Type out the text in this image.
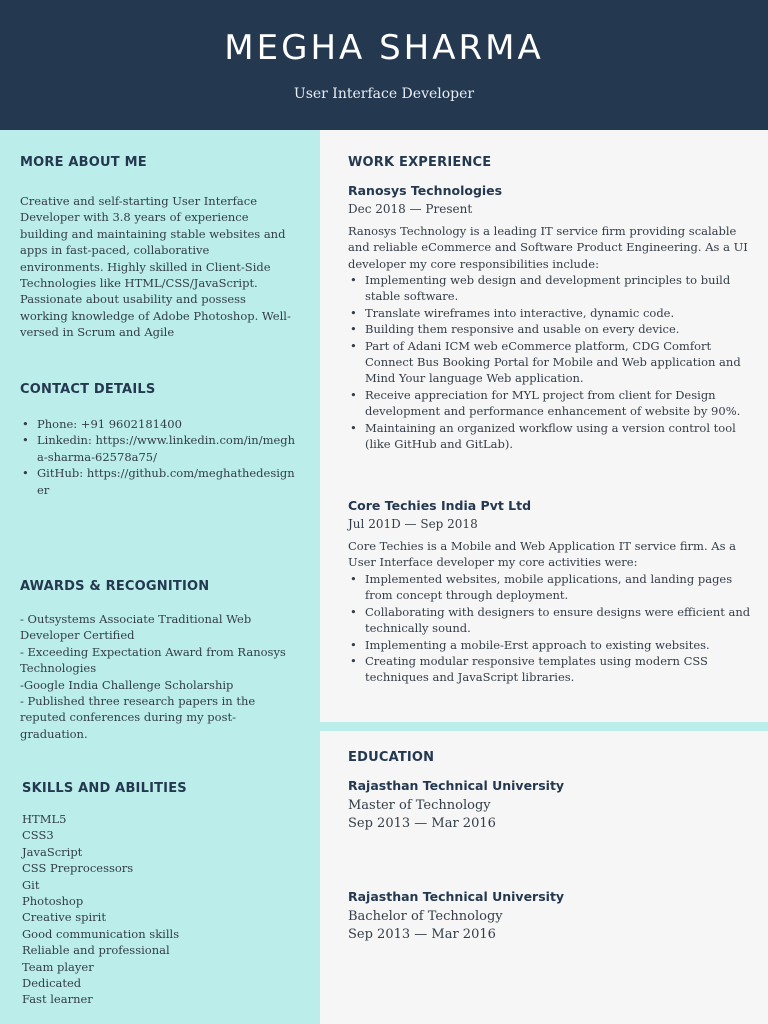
MEGHA SHARMA
User Interface Developer
MORE ABOUT ME
Creative and self-starting User Interface Developer with 3.8 years of experience building and maintaining stable websites and apps in fast-paced, collaborative environments. Highly skilled in Client-Side Technologies like HTML/CSS/JavaScript. Passionate about usability and possess working knowledge of Adobe Photoshop. Well-versed in Scrum and Agile
CONTACT DETAILS
• Phone: +91 9602181400
• Linkedin: https://www.linkedin.com/in/megha-sharma-62578a75/
• GitHub: https://github.com/meghathedesigner
AWARDS & RECOGNITION
- Outsystems Associate Traditional Web Developer Certified
- Exceeding Expectation Award from Ranosys Technologies
-Google India Challenge Scholarship
- Published three research papers in the reputed conferences during my post-graduation.
SKILLS AND ABILITIES
HTML5
CSS3
JavaScript
CSS Preprocessors
Git
Photoshop
Creative spirit
Good communication skills
Reliable and professional
Team player
Dedicated
Fast learner
WORK EXPERIENCE
Ranosys Technologies
Dec 2018 — Present
Ranosys Technology is a leading IT service firm providing scalable and reliable eCommerce and Software Product Engineering. As a UI developer my core responsibilities include:
• Implementing web design and development principles to build stable software.
• Translate wireframes into interactive, dynamic code.
• Building them responsive and usable on every device.
• Part of Adani ICM web eCommerce platform, CDG Comfort Connect Bus Booking Portal for Mobile and Web application and Mind Your language Web application.
• Receive appreciation for MYL project from client for Design development and performance enhancement of website by 90%.
• Maintaining an organized workflow using a version control tool (like GitHub and GitLab).
Core Techies India Pvt Ltd
Jul 201D — Sep 2018
Core Techies is a Mobile and Web Application IT service firm. As a User Interface developer my core activities were:
• Implemented websites, mobile applications, and landing pages from concept through deployment.
• Collaborating with designers to ensure designs were efficient and technically sound.
• Implementing a mobile-Erst approach to existing websites.
• Creating modular responsive templates using modern CSS techniques and JavaScript libraries.
EDUCATION
Rajasthan Technical University
Master of Technology
Sep 2013 — Mar 2016
Rajasthan Technical University
Bachelor of Technology
Sep 2013 — Mar 2016
